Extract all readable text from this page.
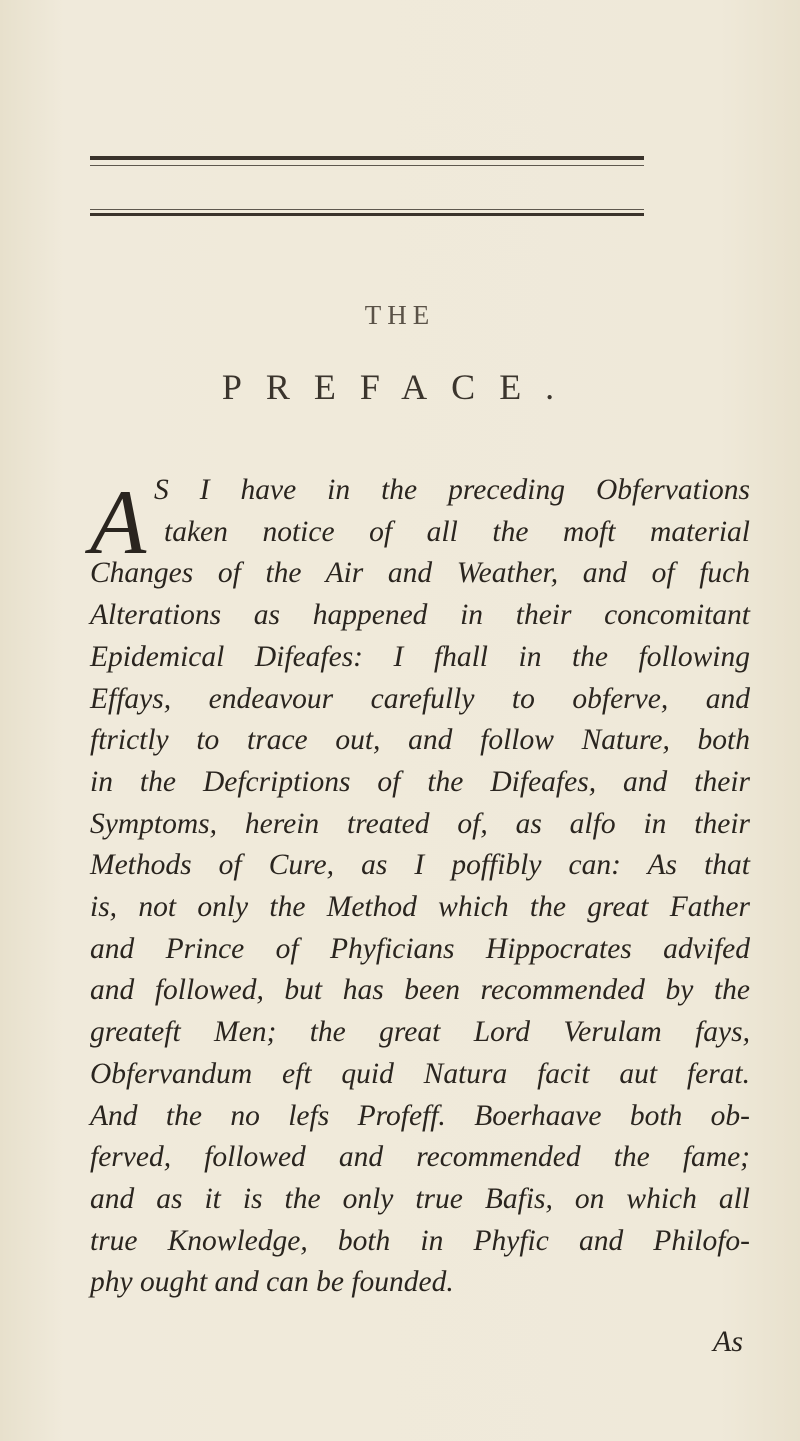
THE
PREFACE.
A S I have in the preceding Obfervations
taken notice of all the moft material
Changes of the Air and Weather, and of fuch
Alterations as happened in their concomitant
Epidemical Difeafes: I fhall in the following
Effays, endeavour carefully to obferve, and
ftrictly to trace out, and follow Nature, both
in the Defcriptions of the Difeafes, and their
Symptoms, herein treated of, as alfo in their
Methods of Cure, as I poffibly can: As that
is, not only the Method which the great Father
and Prince of Phyficians Hippocrates advifed
and followed, but has been recommended by the
greateft Men; the great Lord Verulam fays,
Obfervandum eft quid Natura facit aut ferat.
And the no lefs Profeff. Boerhaave both ob-
ferved, followed and recommended the fame;
and as it is the only true Bafis, on which all
true Knowledge, both in Phyfic and Philofo-
phy ought and can be founded.
As
